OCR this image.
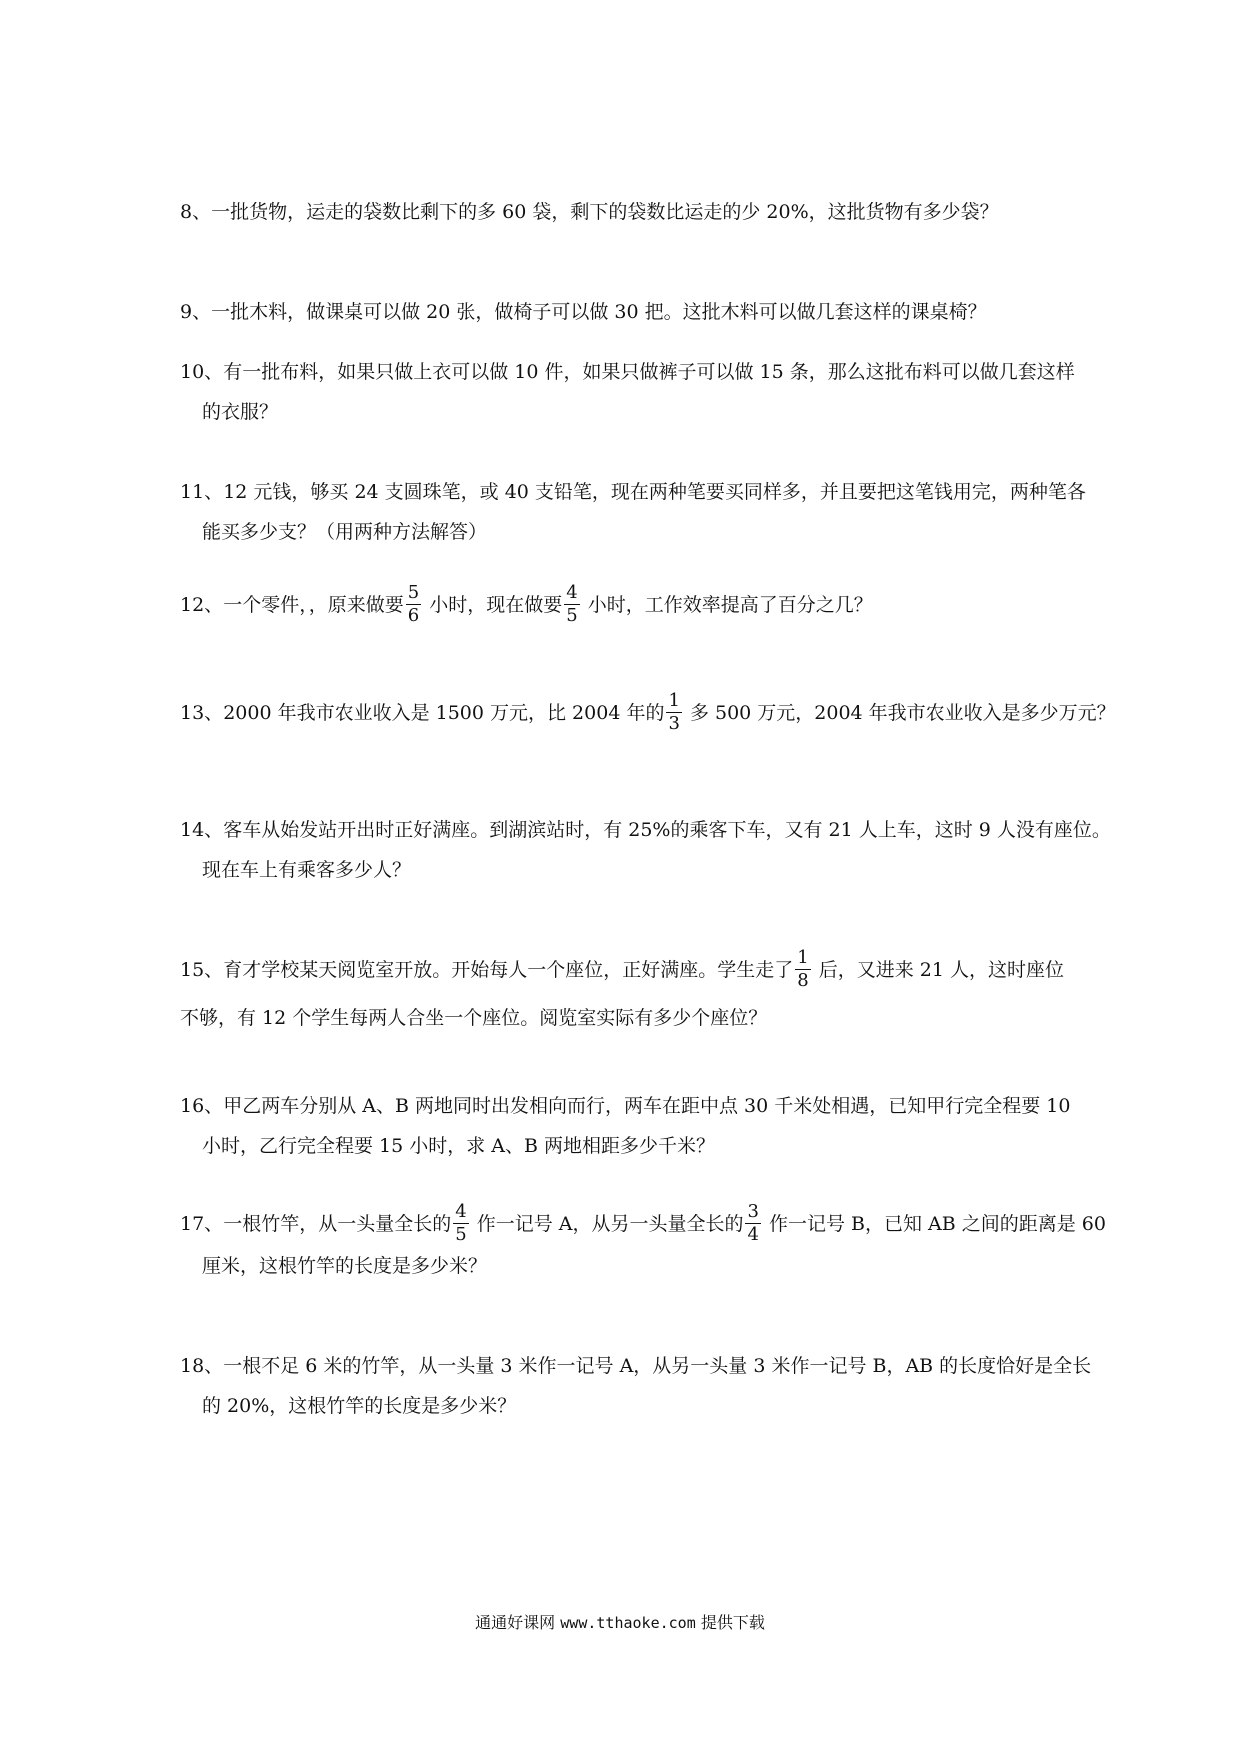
8、一批货物，运走的袋数比剩下的多 60 袋，剩下的袋数比运走的少 20%，这批货物有多少袋？
9、一批木料，做课桌可以做 20 张，做椅子可以做 30 把。这批木料可以做几套这样的课桌椅？
10、有一批布料，如果只做上衣可以做 10 件，如果只做裤子可以做 15 条，那么这批布料可以做几套这样
的衣服？
11、12 元钱，够买 24 支圆珠笔，或 40 支铅笔，现在两种笔要买同样多，并且要把这笔钱用完，两种笔各
能买多少支？（用两种方法解答）
12、一个零件，，原来做要 $\frac{5}{6}$ 小时，现在做要 $\frac{4}{5}$ 小时，工作效率提高了百分之几？
13、2000 年我市农业收入是 1500 万元，比 2004 年的 $\frac{1}{3}$ 多 500 万元，2004 年我市农业收入是多少万元？
14、客车从始发站开出时正好满座。到湖滨站时，有 25%的乘客下车，又有 21 人上车，这时 9 人没有座位。
现在车上有乘客多少人？
15、育才学校某天阅览室开放。开始每人一个座位，正好满座。学生走了 $\frac{1}{8}$ 后，又进来 21 人，这时座位
不够，有 12 个学生每两人合坐一个座位。阅览室实际有多少个座位？
16、甲乙两车分别从 A、B 两地同时出发相向而行，两车在距中点 30 千米处相遇，已知甲行完全程要 10
小时，乙行完全程要 15 小时，求 A、B 两地相距多少千米？
17、一根竹竿，从一头量全长的 $\frac{4}{5}$ 作一记号 A，从另一头量全长的 $\frac{3}{4}$ 作一记号 B，已知 AB 之间的距离是 60
厘米，这根竹竿的长度是多少米？
18、一根不足 6 米的竹竿，从一头量 3 米作一记号 A，从另一头量 3 米作一记号 B，AB 的长度恰好是全长
的 20%，这根竹竿的长度是多少米？
通通好课网 www.tthaoke.com 提供下载
